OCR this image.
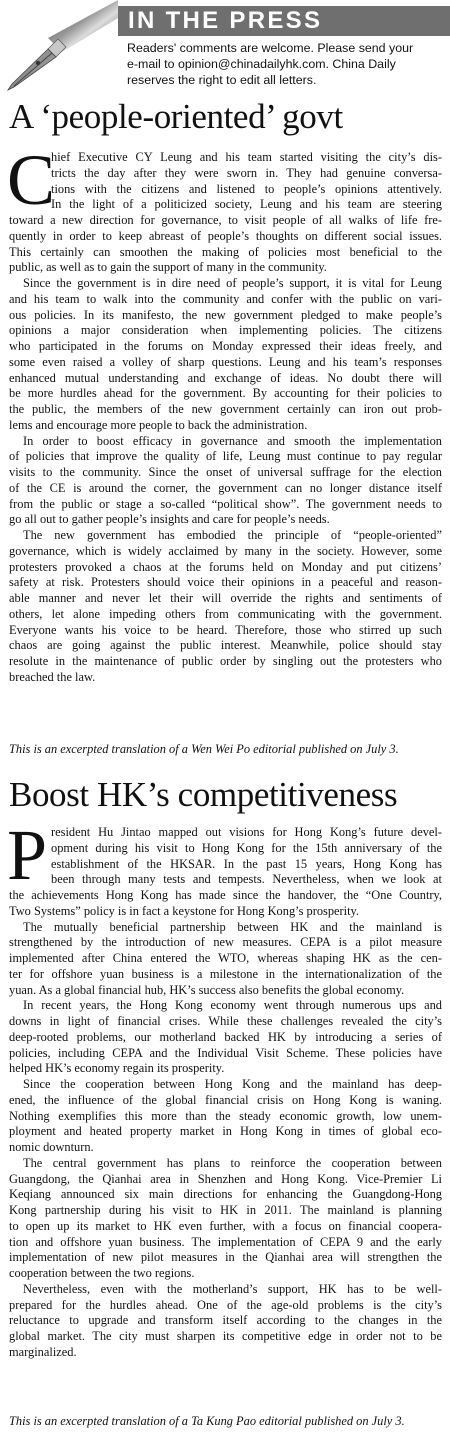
IN THE PRESS
Readers' comments are welcome. Please send your
e-mail to opinion@chinadailyhk.com. China Daily
reserves the right to edit all letters.
A ‘people-oriented’ govt
C
hief Executive CY Leung and his team started visiting the city’s dis-
tricts the day after they were sworn in. They had genuine conversa-
tions with the citizens and listened to people’s opinions attentively.
In the light of a politicized society, Leung and his team are steering
toward a new direction for governance, to visit people of all walks of life fre-
quently in order to keep abreast of people’s thoughts on different social issues.
This certainly can smoothen the making of policies most beneficial to the
public, as well as to gain the support of many in the community.
Since the government is in dire need of people’s support, it is vital for Leung
and his team to walk into the community and confer with the public on vari-
ous policies. In its manifesto, the new government pledged to make people’s
opinions a major consideration when implementing policies. The citizens
who participated in the forums on Monday expressed their ideas freely, and
some even raised a volley of sharp questions. Leung and his team’s responses
enhanced mutual understanding and exchange of ideas. No doubt there will
be more hurdles ahead for the government. By accounting for their policies to
the public, the members of the new government certainly can iron out prob-
lems and encourage more people to back the administration.
In order to boost efficacy in governance and smooth the implementation
of policies that improve the quality of life, Leung must continue to pay regular
visits to the community. Since the onset of universal suffrage for the election
of the CE is around the corner, the government can no longer distance itself
from the public or stage a so-called “political show”. The government needs to
go all out to gather people’s insights and care for people’s needs.
The new government has embodied the principle of “people-oriented”
governance, which is widely acclaimed by many in the society. However, some
protesters provoked a chaos at the forums held on Monday and put citizens’
safety at risk. Protesters should voice their opinions in a peaceful and reason-
able manner and never let their will override the rights and sentiments of
others, let alone impeding others from communicating with the government.
Everyone wants his voice to be heard. Therefore, those who stirred up such
chaos are going against the public interest. Meanwhile, police should stay
resolute in the maintenance of public order by singling out the protesters who
breached the law.
This is an excerpted translation of a Wen Wei Po editorial published on July 3.
Boost HK’s competitiveness
P resident Hu Jintao mapped out visions for Hong Kong’s future devel-
opment during his visit to Hong Kong for the 15th anniversary of the
establishment of the HKSAR. In the past 15 years, Hong Kong has
been through many tests and tempests. Nevertheless, when we look at
the achievements Hong Kong has made since the handover, the “One Country,
Two Systems” policy is in fact a keystone for Hong Kong’s prosperity.
The mutually beneficial partnership between HK and the mainland is
strengthened by the introduction of new measures. CEPA is a pilot measure
implemented after China entered the WTO, whereas shaping HK as the cen-
ter for offshore yuan business is a milestone in the internationalization of the
yuan. As a global financial hub, HK’s success also benefits the global economy.
In recent years, the Hong Kong economy went through numerous ups and
downs in light of financial crises. While these challenges revealed the city’s
deep-rooted problems, our motherland backed HK by introducing a series of
policies, including CEPA and the Individual Visit Scheme. These policies have
helped HK’s economy regain its prosperity.
Since the cooperation between Hong Kong and the mainland has deep-
ened, the influence of the global financial crisis on Hong Kong is waning.
Nothing exemplifies this more than the steady economic growth, low unem-
ployment and heated property market in Hong Kong in times of global eco-
nomic downturn.
The central government has plans to reinforce the cooperation between
Guangdong, the Qianhai area in Shenzhen and Hong Kong. Vice-Premier Li
Keqiang announced six main directions for enhancing the Guangdong-Hong
Kong partnership during his visit to HK in 2011. The mainland is planning
to open up its market to HK even further, with a focus on financial coopera-
tion and offshore yuan business. The implementation of CEPA 9 and the early
implementation of new pilot measures in the Qianhai area will strengthen the
cooperation between the two regions.
Nevertheless, even with the motherland’s support, HK has to be well-
prepared for the hurdles ahead. One of the age-old problems is the city’s
reluctance to upgrade and transform itself according to the changes in the
global market. The city must sharpen its competitive edge in order not to be
marginalized.
This is an excerpted translation of a Ta Kung Pao editorial published on July 3.
